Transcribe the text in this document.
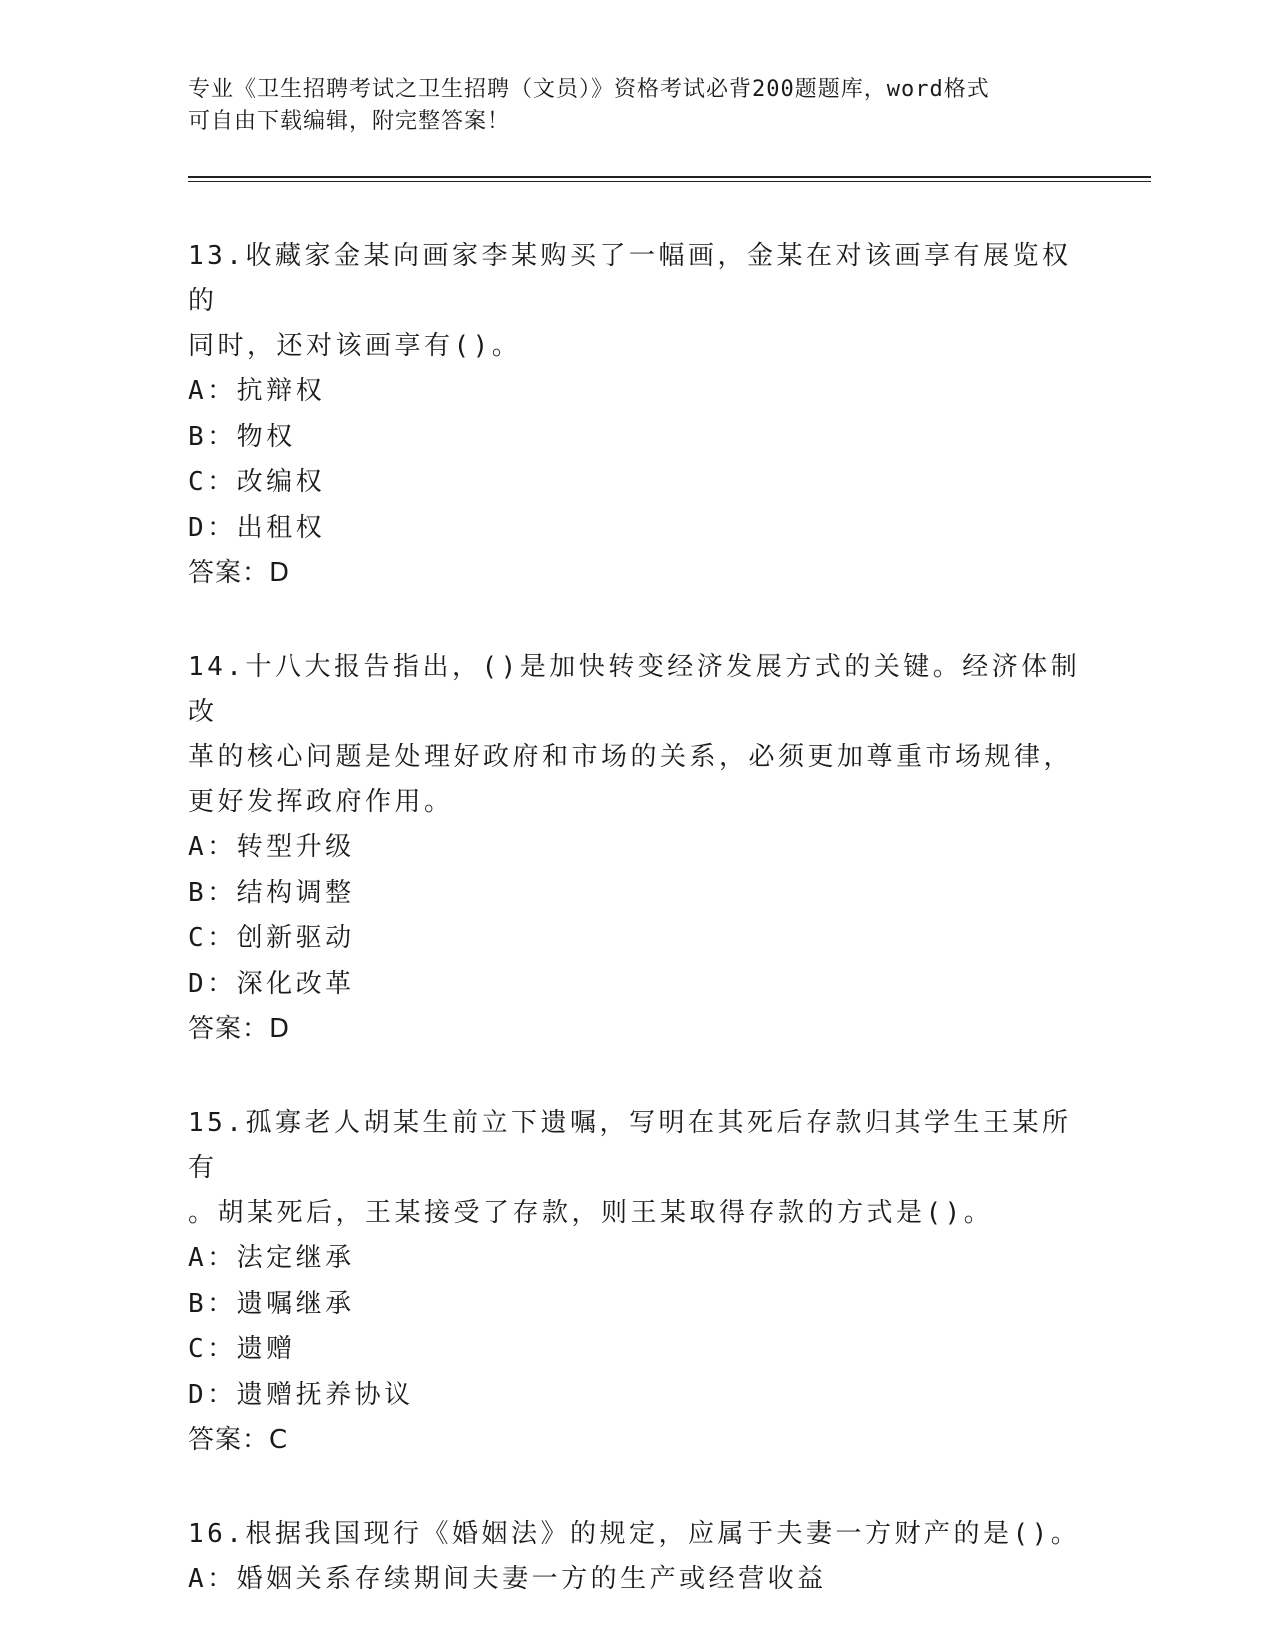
专业《卫生招聘考试之卫生招聘（文员）》资格考试必背200题题库，word格式
可自由下载编辑，附完整答案！
13.收藏家金某向画家李某购买了一幅画，金某在对该画享有展览权的
同时，还对该画享有()。
A：抗辩权
B：物权
C：改编权
D：出租权
答案：D
14.十八大报告指出，()是加快转变经济发展方式的关键。经济体制改
革的核心问题是处理好政府和市场的关系，必须更加尊重市场规律，
更好发挥政府作用。
A：转型升级
B：结构调整
C：创新驱动
D：深化改革
答案：D
15.孤寡老人胡某生前立下遗嘱，写明在其死后存款归其学生王某所有
。胡某死后，王某接受了存款，则王某取得存款的方式是()。
A：法定继承
B：遗嘱继承
C：遗赠
D：遗赠抚养协议
答案：C
16.根据我国现行《婚姻法》的规定，应属于夫妻一方财产的是()。
A：婚姻关系存续期间夫妻一方的生产或经营收益
